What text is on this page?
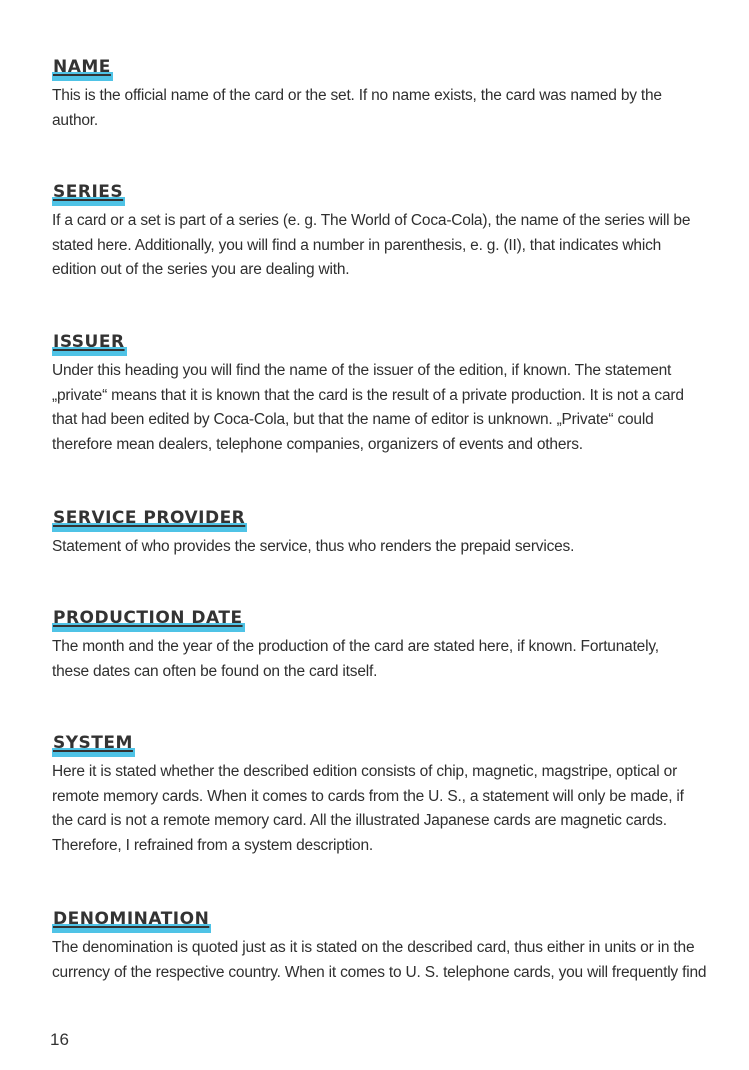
NAME
This is the official name of the card or the set. If no name exists, the card was named by the
author.
SERIES
If a card or a set is part of a series (e. g. The World of Coca-Cola), the name of the series will be
stated here. Additionally, you will find a number in parenthesis, e. g. (II), that indicates which
edition out of the series you are dealing with.
ISSUER
Under this heading you will find the name of the issuer of the edition, if known. The statement
„private“ means that it is known that the card is the result of a private production. It is not a card
that had been edited by Coca-Cola, but that the name of editor is unknown. „Private“ could
therefore mean dealers, telephone companies, organizers of events and others.
SERVICE PROVIDER
Statement of who provides the service, thus who renders the prepaid services.
PRODUCTION DATE
The month and the year of the production of the card are stated here, if known. Fortunately,
these dates can often be found on the card itself.
SYSTEM
Here it is stated whether the described edition consists of chip, magnetic, magstripe, optical or
remote memory cards. When it comes to cards from the U. S., a statement will only be made, if
the card is not a remote memory card. All the illustrated Japanese cards are magnetic cards.
Therefore, I refrained from a system description.
DENOMINATION
The denomination is quoted just as it is stated on the described card, thus either in units or in the
currency of the respective country. When it comes to U. S. telephone cards, you will frequently find
16
